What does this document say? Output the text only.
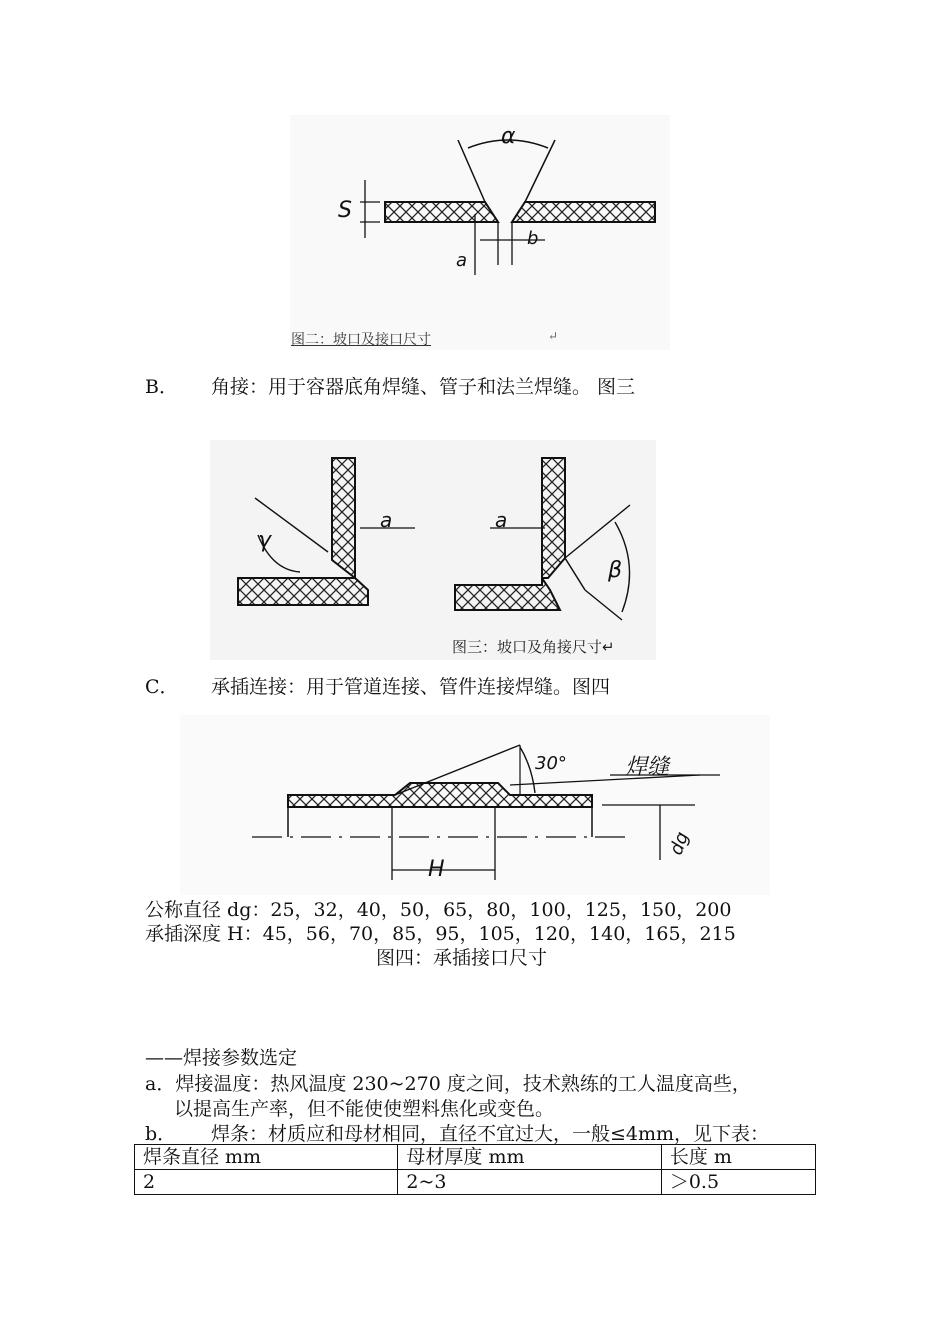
α
S
b
a
图二：坡口及接口尺寸	↵
B． 角接：用于容器底角焊缝、管子和法兰焊缝。 图三
γ
a	a
β
图三：坡口及角接尺寸↵
C． 承插连接：用于管道连接、管件连接焊缝。图四
30°	焊缝
H
dg
公称直径 dg：25，32，40，50，65，80，100，125，150，200
承插深度 H：45，56，70，85，95，105，120，140，165，215
图四：承插接口尺寸
——焊接参数选定
a．焊接温度：热风温度 230~270 度之间，技术熟练的工人温度高些，
以提高生产率，但不能使使塑料焦化或变色。
b． 焊条：材质应和母材相同，直径不宜过大，一般≤4mm，见下表：
焊条直径 mm	母材厚度 mm	长度 m
2	2~3	＞0.5
